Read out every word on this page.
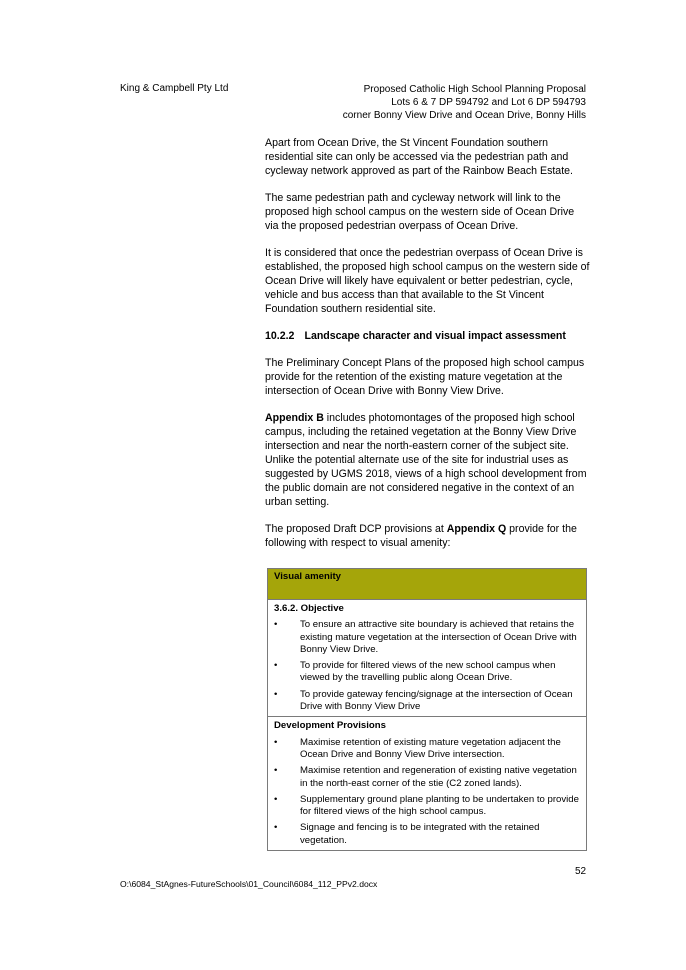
King & Campbell Pty Ltd	Proposed Catholic High School Planning Proposal
Lots 6 & 7 DP 594792 and Lot 6 DP 594793
corner Bonny View Drive and Ocean Drive, Bonny Hills

Apart from Ocean Drive, the St Vincent Foundation southern residential site can only be accessed via the pedestrian path and cycleway network approved as part of the Rainbow Beach Estate.

The same pedestrian path and cycleway network will link to the proposed high school campus on the western side of Ocean Drive via the proposed pedestrian overpass of Ocean Drive.

It is considered that once the pedestrian overpass of Ocean Drive is established, the proposed high school campus on the western side of Ocean Drive will likely have equivalent or better pedestrian, cycle, vehicle and bus access than that available to the St Vincent Foundation southern residential site.

10.2.2 Landscape character and visual impact assessment

The Preliminary Concept Plans of the proposed high school campus provide for the retention of the existing mature vegetation at the intersection of Ocean Drive with Bonny View Drive.

Appendix B includes photomontages of the proposed high school campus, including the retained vegetation at the Bonny View Drive intersection and near the north-eastern corner of the subject site. Unlike the potential alternate use of the site for industrial uses as suggested by UGMS 2018, views of a high school development from the public domain are not considered negative in the context of an urban setting.

The proposed Draft DCP provisions at Appendix Q provide for the following with respect to visual amenity:

Visual amenity

3.6.2. Objective
• To ensure an attractive site boundary is achieved that retains the existing mature vegetation at the intersection of Ocean Drive with Bonny View Drive.
• To provide for filtered views of the new school campus when viewed by the travelling public along Ocean Drive.
• To provide gateway fencing/signage at the intersection of Ocean Drive with Bonny View Drive

Development Provisions
• Maximise retention of existing mature vegetation adjacent the Ocean Drive and Bonny View Drive intersection.
• Maximise retention and regeneration of existing native vegetation in the north-east corner of the stie (C2 zoned lands).
• Supplementary ground plane planting to be undertaken to provide for filtered views of the high school campus.
• Signage and fencing is to be integrated with the retained vegetation.
52
O:\6084_StAgnes-FutureSchools\01_Council\6084_112_PPv2.docx
